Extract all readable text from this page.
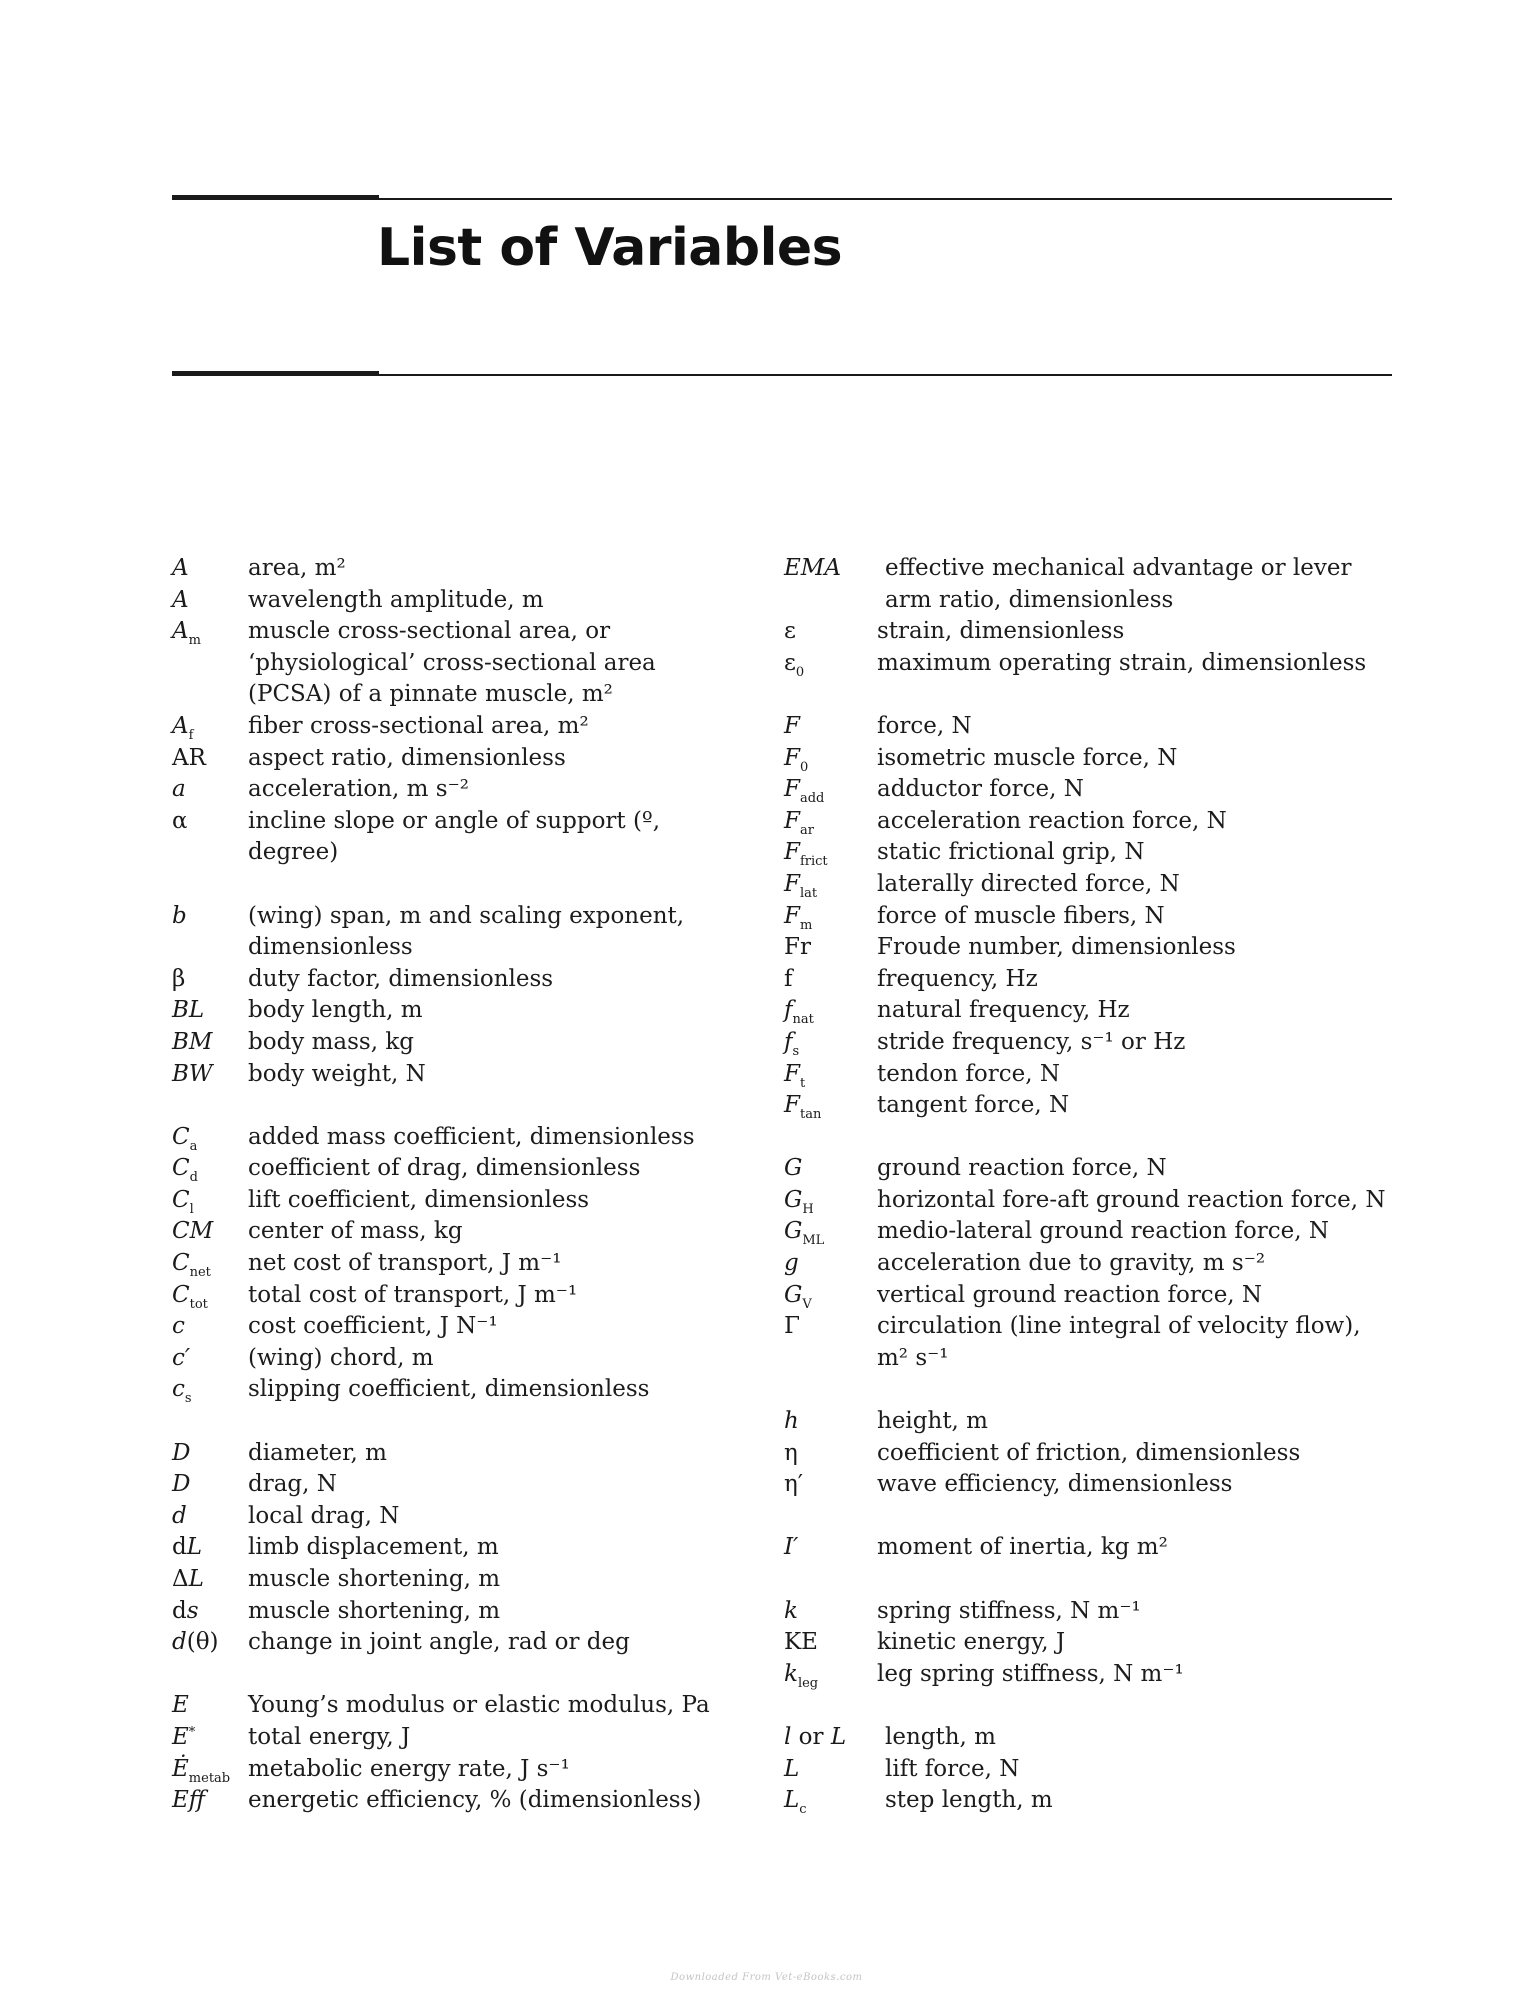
List of Variables
A	area, m²
A	wavelength amplitude, m
$A_m$	muscle cross-sectional area, or ‘physiological’ cross-sectional area (PCSA) of a pinnate muscle, m²
$A_f$	fiber cross-sectional area, m²
AR	aspect ratio, dimensionless
a	acceleration, m s⁻²
α	incline slope or angle of support (º, degree)
b	(wing) span, m and scaling exponent, dimensionless
β	duty factor, dimensionless
BL	body length, m
BM	body mass, kg
BW	body weight, N
$C_a$	added mass coefficient, dimensionless
$C_d$	coefficient of drag, dimensionless
$C_l$	lift coefficient, dimensionless
CM	center of mass, kg
$C_{net}$	net cost of transport, J m⁻¹
$C_{tot}$	total cost of transport, J m⁻¹
c	cost coefficient, J N⁻¹
c′	(wing) chord, m
$c_s$	slipping coefficient, dimensionless
D	diameter, m
D	drag, N
d	local drag, N
dL	limb displacement, m
ΔL	muscle shortening, m
ds	muscle shortening, m
d(θ)	change in joint angle, rad or deg
E	Young’s modulus or elastic modulus, Pa
E*	total energy, J
$Ė_{metab}$ metabolic energy rate, J s⁻¹
Eff	energetic efficiency, % (dimensionless)
EMA	effective mechanical advantage or lever arm ratio, dimensionless
ε	strain, dimensionless
$\varepsilon_0$	maximum operating strain, dimensionless
F	force, N
$F_0$	isometric muscle force, N
$F_{add}$	adductor force, N
$F_{ar}$	acceleration reaction force, N
$F_{frict}$	static frictional grip, N
$F_{lat}$	laterally directed force, N
$F_m$	force of muscle fibers, N
Fr	Froude number, dimensionless
f	frequency, Hz
$f_{nat}$	natural frequency, Hz
$f_s$	stride frequency, s⁻¹ or Hz
$F_t$	tendon force, N
$F_{tan}$	tangent force, N
G	ground reaction force, N
$G_H$	horizontal fore-aft ground reaction force, N
$G_{ML}$	medio-lateral ground reaction force, N
g	acceleration due to gravity, m s⁻²
$G_V$	vertical ground reaction force, N
Γ	circulation (line integral of velocity flow), m² s⁻¹
h	height, m
η	coefficient of friction, dimensionless
η′	wave efficiency, dimensionless
I′	moment of inertia, kg m²
k	spring stiffness, N m⁻¹
KE	kinetic energy, J
$k_{leg}$	leg spring stiffness, N m⁻¹
l or L	length, m
L	lift force, N
$L_c$	step length, m
Downloaded From Vet-eBooks.com
